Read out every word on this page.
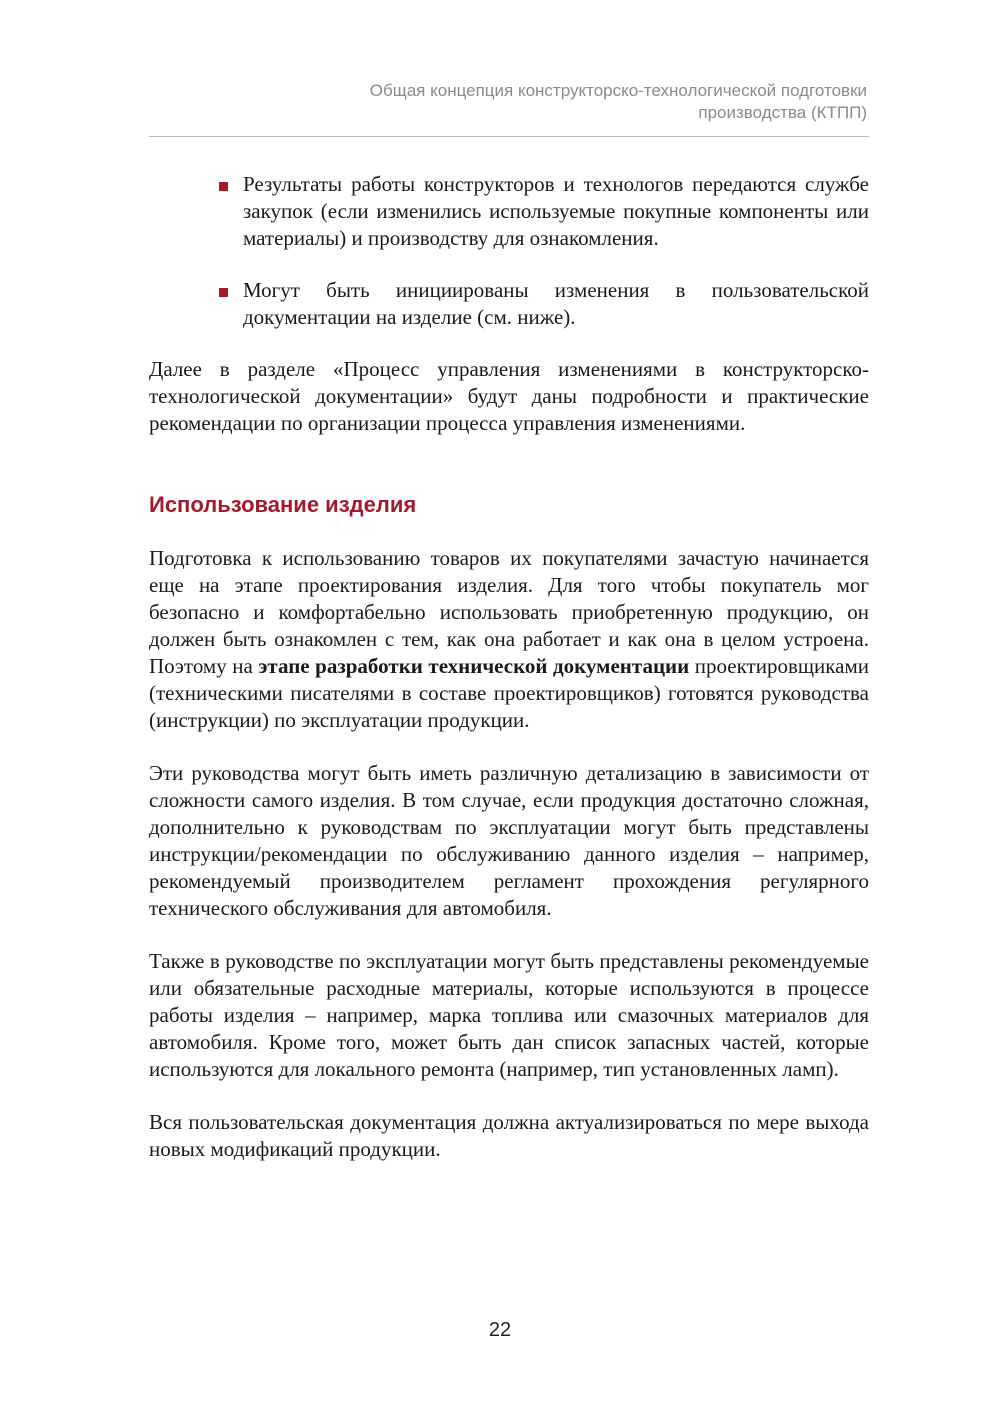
Общая концепция конструкторско-технологической подготовки
производства (КТПП)
Результаты работы конструкторов и технологов передаются службе закупок (если изменились используемые покупные компоненты или материалы) и производству для ознакомления.
Могут быть инициированы изменения в пользовательской документации на изделие (см. ниже).

Далее в разделе «Процесс управления изменениями в конструкторско-технологической документации» будут даны подробности и практические рекомендации по организации процесса управления изменениями.

Использование изделия

Подготовка к использованию товаров их покупателями зачастую начинается еще на этапе проектирования изделия. Для того чтобы покупатель мог безопасно и комфортабельно использовать приобретенную продукцию, он должен быть ознакомлен с тем, как она работает и как она в целом устроена. Поэтому на этапе разработки технической документации проектировщиками (техническими писателями в составе проектировщиков) готовятся руководства (инструкции) по эксплуатации продукции.

Эти руководства могут быть иметь различную детализацию в зависимости от сложности самого изделия. В том случае, если продукция достаточно сложная, дополнительно к руководствам по эксплуатации могут быть представлены инструкции/рекомендации по обслуживанию данного изделия – например, рекомендуемый производителем регламент прохождения регулярного технического обслуживания для автомобиля.

Также в руководстве по эксплуатации могут быть представлены рекомендуемые или обязательные расходные материалы, которые используются в процессе работы изделия – например, марка топлива или смазочных материалов для автомобиля. Кроме того, может быть дан список запасных частей, которые используются для локального ремонта (например, тип установленных ламп).

Вся пользовательская документация должна актуализироваться по мере выхода новых модификаций продукции.

22
